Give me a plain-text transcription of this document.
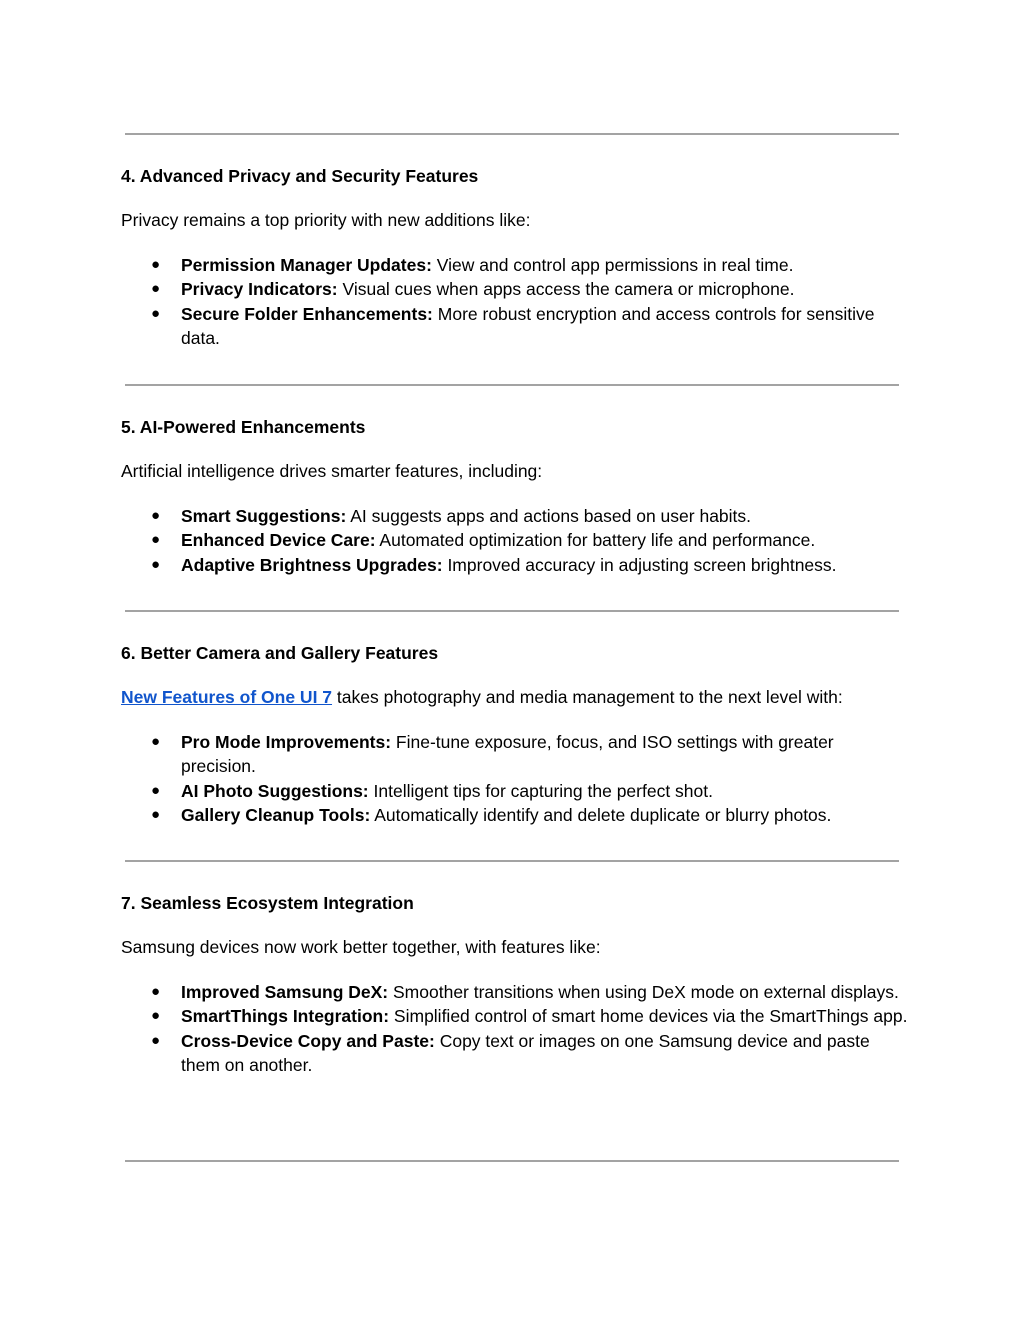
4. Advanced Privacy and Security Features
Privacy remains a top priority with new additions like:
● Permission Manager Updates: View and control app permissions in real time.
● Privacy Indicators: Visual cues when apps access the camera or microphone.
● Secure Folder Enhancements: More robust encryption and access controls for sensitive data.
5. AI-Powered Enhancements
Artificial intelligence drives smarter features, including:
● Smart Suggestions: AI suggests apps and actions based on user habits.
● Enhanced Device Care: Automated optimization for battery life and performance.
● Adaptive Brightness Upgrades: Improved accuracy in adjusting screen brightness.
6. Better Camera and Gallery Features
New Features of One UI 7 takes photography and media management to the next level with:
● Pro Mode Improvements: Fine-tune exposure, focus, and ISO settings with greater precision.
● AI Photo Suggestions: Intelligent tips for capturing the perfect shot.
● Gallery Cleanup Tools: Automatically identify and delete duplicate or blurry photos.
7. Seamless Ecosystem Integration
Samsung devices now work better together, with features like:
● Improved Samsung DeX: Smoother transitions when using DeX mode on external displays.
● SmartThings Integration: Simplified control of smart home devices via the SmartThings app.
● Cross-Device Copy and Paste: Copy text or images on one Samsung device and paste them on another.
